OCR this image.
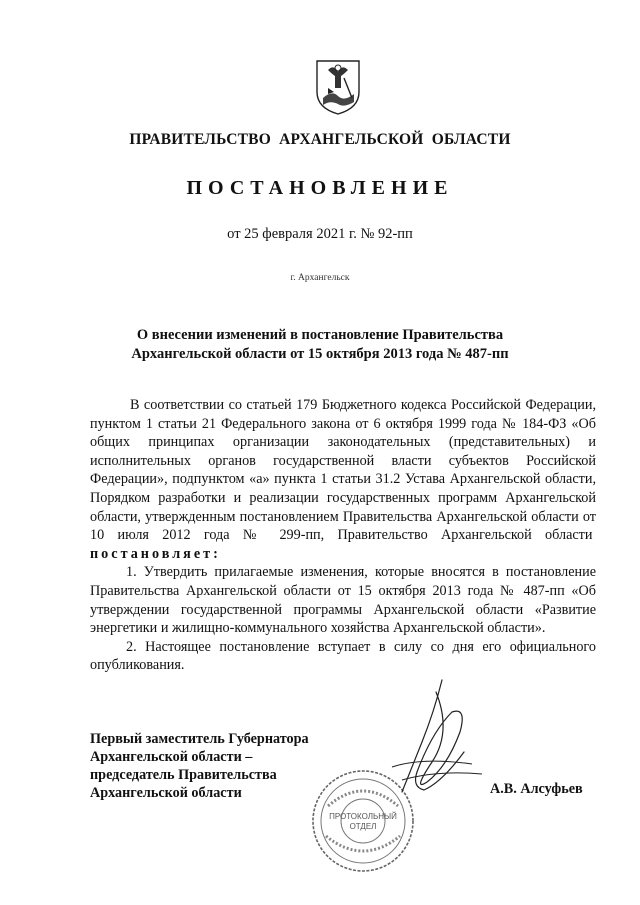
ПРАВИТЕЛЬСТВО  АРХАНГЕЛЬСКОЙ  ОБЛАСТИ
ПОСТАНОВЛЕНИЕ
от 25 февраля 2021 г. № 92-пп
г. Архангельск
О внесении изменений в постановление Правительства
Архангельской области от 15 октября 2013 года № 487-пп

В соответствии со статьей 179 Бюджетного кодекса Российской Федерации, пунктом 1 статьи 21 Федерального закона от 6 октября 1999 года № 184-ФЗ «Об общих принципах организации законодательных (представительных) и исполнительных органов государственной власти субъектов Российской Федерации», подпунктом «а» пункта 1 статьи 31.2 Устава Архангельской области, Порядком разработки и реализации государственных программ Архангельской области, утвержденным постановлением Правительства Архангельской области от 10 июля 2012 года № 299-пп, Правительство Архангельской области  постановляет:

1. Утвердить прилагаемые изменения, которые вносятся в постановление Правительства Архангельской области от 15 октября 2013 года № 487-пп «Об утверждении государственной программы Архангельской области «Развитие энергетики и жилищно-коммунального хозяйства Архангельской области».

2. Настоящее постановление вступает в силу со дня его официального опубликования.

Первый заместитель Губернатора
Архангельской области –
председатель Правительства
Архангельской области	А.В. Алсуфьев
ПРОТОКОЛЬНЫЙ
ОТДЕЛ
